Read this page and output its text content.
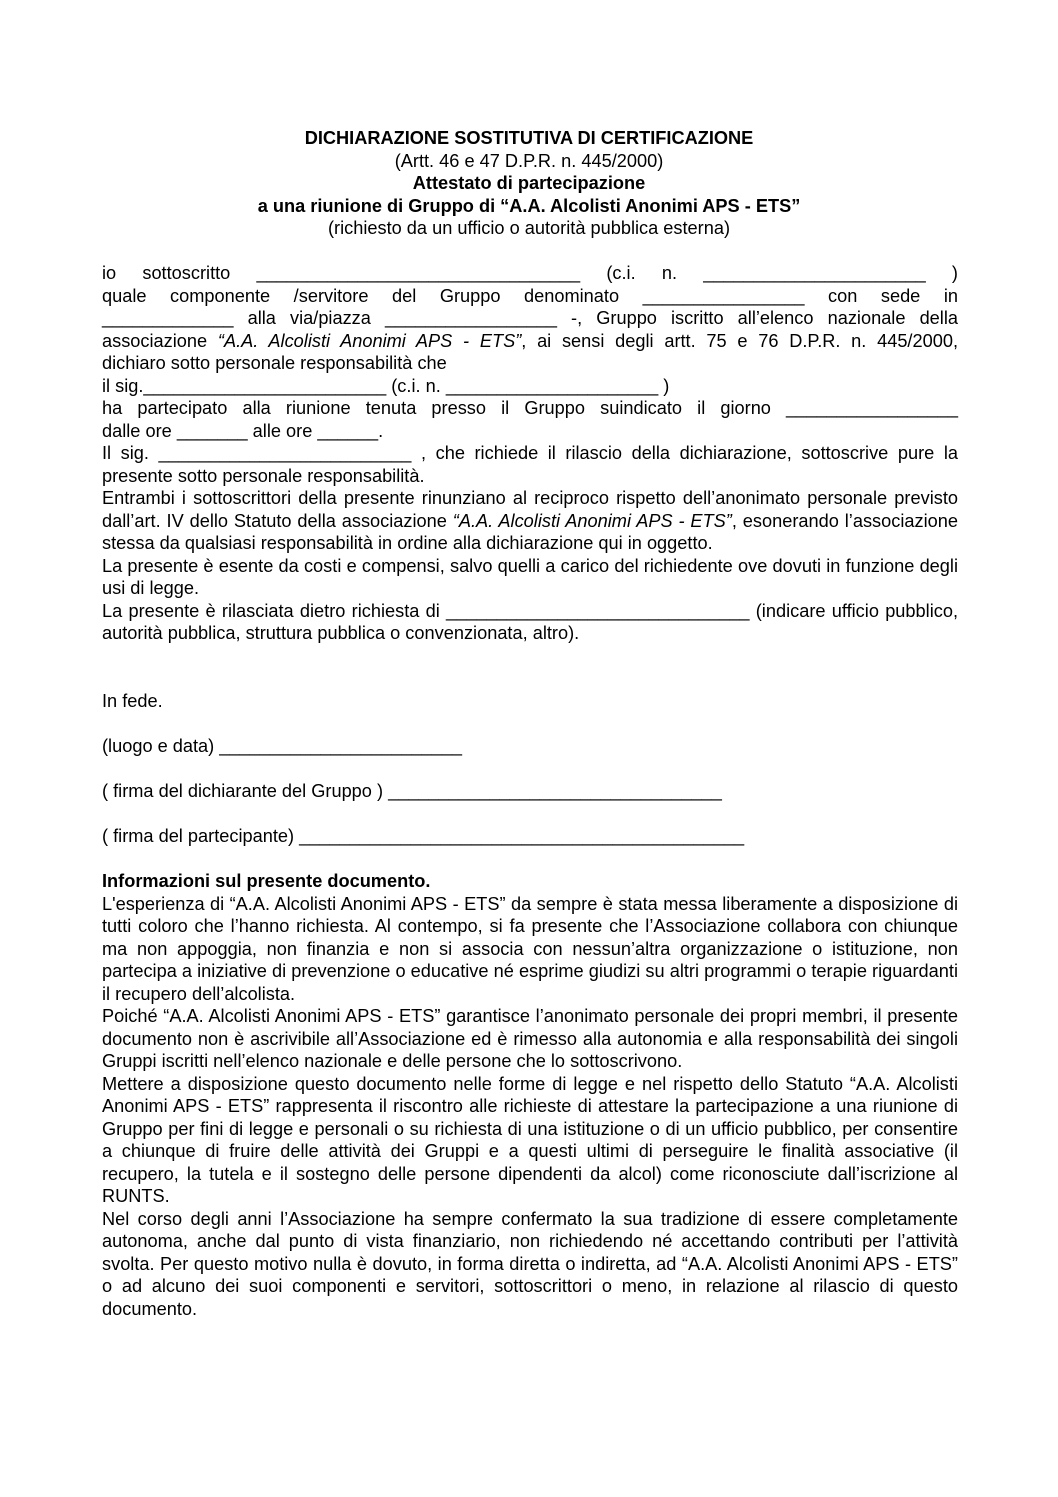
DICHIARAZIONE SOSTITUTIVA DI CERTIFICAZIONE
(Artt. 46 e 47 D.P.R. n. 445/2000)
Attestato di partecipazione
a una riunione di Gruppo di “A.A. Alcolisti Anonimi APS - ETS”
(richiesto da un ufficio o autorità pubblica esterna)

io sottoscritto ________________________________ (c.i. n. ______________________ )

quale componente /servitore del Gruppo denominato ________________ con sede in

_____________ alla via/piazza _________________ -, Gruppo iscritto all’elenco nazionale della

associazione “A.A. Alcolisti Anonimi APS - ETS”, ai sensi degli artt. 75 e 76 D.P.R. n. 445/2000,

dichiaro sotto personale responsabilità che

il sig.________________________ (c.i. n. _____________________ )

ha partecipato alla riunione tenuta presso il Gruppo suindicato il giorno _________________

dalle ore _______ alle ore ______.

Il sig. _________________________ , che richiede il rilascio della dichiarazione, sottoscrive pure la presente sotto personale responsabilità.

Entrambi i sottoscrittori della presente rinunziano al reciproco rispetto dell’anonimato personale previsto dall’art. IV dello Statuto della associazione “A.A. Alcolisti Anonimi APS - ETS”, esonerando l’associazione stessa da qualsiasi responsabilità in ordine alla dichiarazione qui in oggetto.

La presente è esente da costi e compensi, salvo quelli a carico del richiedente ove dovuti in funzione degli usi di legge.

La presente è rilasciata dietro richiesta di ______________________________ (indicare ufficio pubblico, autorità pubblica, struttura pubblica o convenzionata, altro).

In fede.
(luogo e data) ________________________
( firma del dichiarante del Gruppo ) _________________________________
( firma del partecipante) ____________________________________________

Informazioni sul presente documento.

L'esperienza di “A.A. Alcolisti Anonimi APS - ETS” da sempre è stata messa liberamente a disposizione di tutti coloro che l’hanno richiesta. Al contempo, si fa presente che l’Associazione collabora con chiunque ma non appoggia, non finanzia e non si associa con nessun’altra organizzazione o istituzione, non partecipa a iniziative di prevenzione o educative né esprime giudizi su altri programmi o terapie riguardanti il recupero dell’alcolista.

Poiché “A.A. Alcolisti Anonimi APS - ETS” garantisce l’anonimato personale dei propri membri, il presente documento non è ascrivibile all’Associazione ed è rimesso alla autonomia e alla responsabilità dei singoli Gruppi iscritti nell’elenco nazionale e delle persone che lo sottoscrivono.

Mettere a disposizione questo documento nelle forme di legge e nel rispetto dello Statuto “A.A. Alcolisti Anonimi APS - ETS” rappresenta il riscontro alle richieste di attestare la partecipazione a una riunione di Gruppo per fini di legge e personali o su richiesta di una istituzione o di un ufficio pubblico, per consentire a chiunque di fruire delle attività dei Gruppi e a questi ultimi di perseguire le finalità associative (il recupero, la tutela e il sostegno delle persone dipendenti da alcol) come riconosciute dall’iscrizione al RUNTS.

Nel corso degli anni l’Associazione ha sempre confermato la sua tradizione di essere completamente autonoma, anche dal punto di vista finanziario, non richiedendo né accettando contributi per l’attività svolta. Per questo motivo nulla è dovuto, in forma diretta o indiretta, ad “A.A. Alcolisti Anonimi APS - ETS” o ad alcuno dei suoi componenti e servitori, sottoscrittori o meno, in relazione al rilascio di questo documento.
